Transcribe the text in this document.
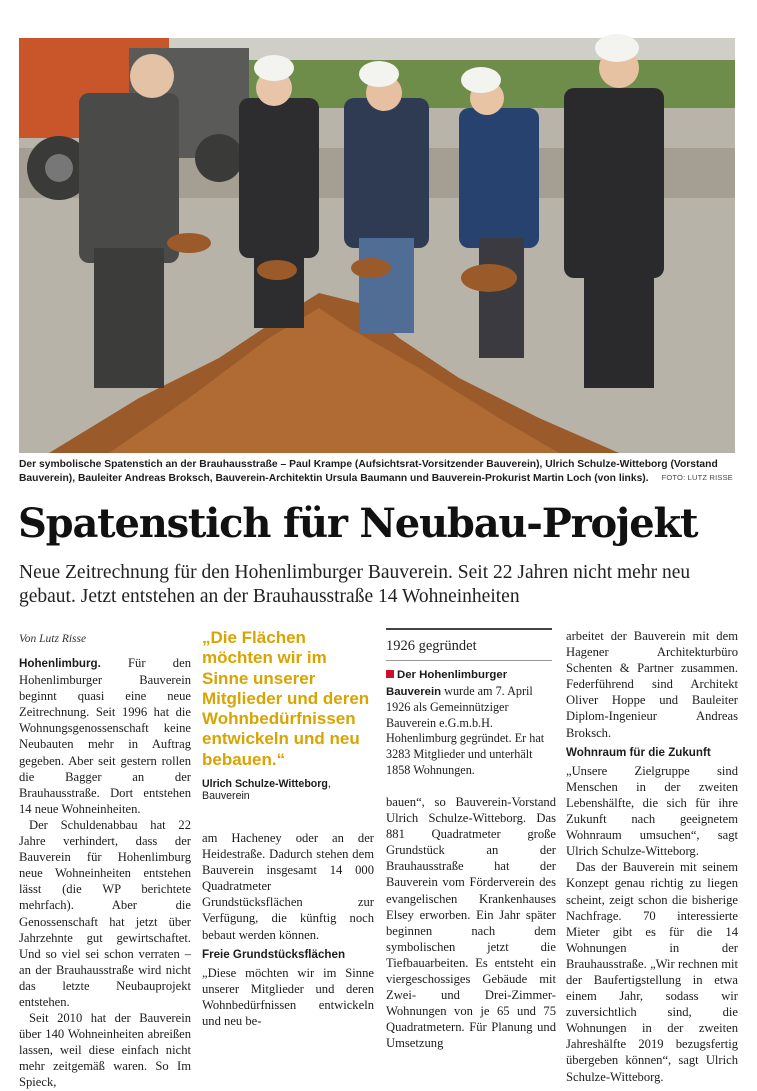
Der symbolische Spatenstich an der Brauhausstraße – Paul Krampe (Aufsichtsrat-Vorsitzender Bauverein), Ulrich Schulze-Witteborg (Vorstand Bauverein), Bauleiter Andreas Broksch, Bauverein-Architektin Ursula Baumann und Bauverein-Prokurist Martin Loch (von links). FOTO: LUTZ RISSE
Spatenstich für Neubau-Projekt
Neue Zeitrechnung für den Hohenlimburger Bauverein. Seit 22 Jahren nicht mehr neu gebaut. Jetzt entstehen an der Brauhausstraße 14 Wohneinheiten
Von Lutz Risse

Hohenlimburg. Für den Hohenlimburger Bauverein beginnt quasi eine neue Zeitrechnung. Seit 1996 hat die Wohnungsgenossenschaft keine Neubauten mehr in Auftrag gegeben. Aber seit gestern rollen die Bagger an der Brauhausstraße. Dort entstehen 14 neue Wohneinheiten.

Der Schuldenabbau hat 22 Jahre verhindert, dass der Bauverein für Hohenlimburg neue Wohneinheiten entstehen lässt (die WP berichtete mehrfach). Aber die Genossenschaft hat jetzt über Jahrzehnte gut gewirtschaftet. Und so viel sei schon verraten – an der Brauhausstraße wird nicht das letzte Neubauprojekt entstehen.

Seit 2010 hat der Bauverein über 140 Wohneinheiten abreißen lassen, weil diese einfach nicht mehr zeitgemäß waren. So Im Spieck,

„Die Flächen möchten wir im Sinne unserer Mitglieder und deren Wohnbedürfnissen entwickeln und neu bebauen.“
Ulrich Schulze-Witteborg, Bauverein

am Hacheney oder an der Heidestraße. Dadurch stehen dem Bauverein insgesamt 14 000 Quadratmeter Grundstücksflächen zur Verfügung, die künftig noch bebaut werden können.

Freie Grundstücksflächen

„Diese möchten wir im Sinne unserer Mitglieder und deren Wohnbedürfnissen entwickeln und neu be-

1926 gegründet
Der Hohenlimburger Bauverein wurde am 7. April 1926 als Gemeinnütziger Bauverein e.G.m.b.H. Hohenlimburg gegründet. Er hat 3283 Mitglieder und unterhält 1858 Wohnungen.

bauen“, so Bauverein-Vorstand Ulrich Schulze-Witteborg. Das 881 Quadratmeter große Grundstück an der Brauhausstraße hat der Bauverein vom Förderverein des evangelischen Krankenhauses Elsey erworben. Ein Jahr später beginnen nach dem symbolischen jetzt die Tiefbauarbeiten. Es entsteht ein viergeschossiges Gebäude mit Zwei- und Drei-Zimmer-Wohnungen von je 65 und 75 Quadratmetern. Für Planung und Umsetzung

arbeitet der Bauverein mit dem Hagener Architekturbüro Schenten & Partner zusammen. Federführend sind Architekt Oliver Hoppe und Bauleiter Diplom-Ingenieur Andreas Broksch.

Wohnraum für die Zukunft

„Unsere Zielgruppe sind Menschen in der zweiten Lebenshälfte, die sich für ihre Zukunft nach geeignetem Wohnraum umsuchen“, sagt Ulrich Schulze-Witteborg.

Das der Bauverein mit seinem Konzept genau richtig zu liegen scheint, zeigt schon die bisherige Nachfrage. 70 interessierte Mieter gibt es für die 14 Wohnungen in der Brauhausstraße. „Wir rechnen mit der Baufertigstellung in etwa einem Jahr, sodass wir zuversichtlich sind, die Wohnungen in der zweiten Jahreshälfte 2019 bezugsfertig übergeben können“, sagt Ulrich Schulze-Witteborg.
